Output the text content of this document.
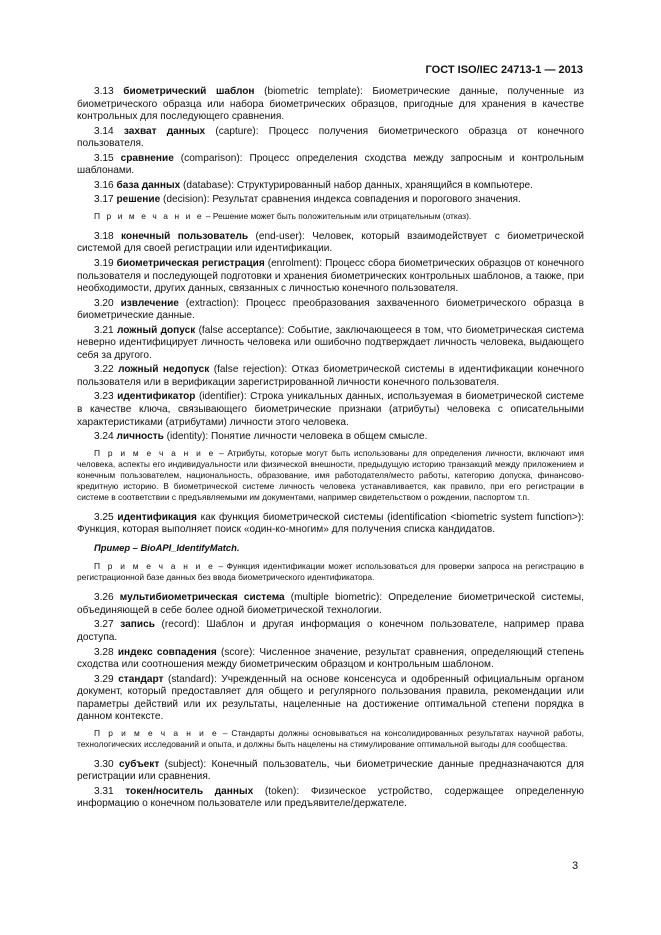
ГОСТ ISO/IEC 24713-1 — 2013

3.13 биометрический шаблон (biometric template): Биометрические данные, полученные из биометрического образца или набора биометрических образцов, пригодные для хранения в качестве контрольных для последующего сравнения.

3.14 захват данных (capture): Процесс получения биометрического образца от конечного пользователя.

3.15 сравнение (comparison): Процесс определения сходства между запросным и контрольным шаблонами.

3.16 база данных (database): Структурированный набор данных, хранящийся в компьютере.

3.17 решение (decision): Результат сравнения индекса совпадения и порогового значения.

П р и м е ч а н и е – Решение может быть положительным или отрицательным (отказ).

3.18 конечный пользователь (end-user): Человек, который взаимодействует с биометрической системой для своей регистрации или идентификации.

3.19 биометрическая регистрация (enrolment): Процесс сбора биометрических образцов от конечного пользователя и последующей подготовки и хранения биометрических контрольных шаблонов, а также, при необходимости, других данных, связанных с личностью конечного пользователя.

3.20 извлечение (extraction): Процесс преобразования захваченного биометрического образца в биометрические данные.

3.21 ложный допуск (false acceptance): Событие, заключающееся в том, что биометрическая система неверно идентифицирует личность человека или ошибочно подтверждает личность человека, выдающего себя за другого.

3.22 ложный недопуск (false rejection): Отказ биометрической системы в идентификации конечного пользователя или в верификации зарегистрированной личности конечного пользователя.

3.23 идентификатор (identifier): Строка уникальных данных, используемая в биометрической системе в качестве ключа, связывающего биометрические признаки (атрибуты) человека с описательными характеристиками (атрибутами) личности этого человека.

3.24 личность (identity): Понятие личности человека в общем смысле.

П р и м е ч а н и е – Атрибуты, которые могут быть использованы для определения личности, включают имя человека, аспекты его индивидуальности или физической внешности, предыдущую историю транзакций между приложением и конечным пользователем, национальность, образование, имя работодателя/место работы, категорию допуска, финансово-кредитную историю. В биометрической системе личность человека устанавливается, как правило, при его регистрации в системе в соответствии с предъявляемыми им документами, например свидетельством о рождении, паспортом т.п.

3.25 идентификация как функция биометрической системы (identification <biometric system function>): Функция, которая выполняет поиск «один-ко-многим» для получения списка кандидатов.

Пример – BioAPI_IdentifyMatch.

П р и м е ч а н и е – Функция идентификации может использоваться для проверки запроса на регистрацию в регистрационной базе данных без ввода биометрического идентификатора.

3.26 мультибиометрическая система (multiple biometric): Определение биометрической системы, объединяющей в себе более одной биометрической технологии.

3.27 запись (record): Шаблон и другая информация о конечном пользователе, например права доступа.

3.28 индекс совпадения (score): Численное значение, результат сравнения, определяющий степень сходства или соотношения между биометрическим образцом и контрольным шаблоном.

3.29 стандарт (standard): Учрежденный на основе консенсуса и одобренный официальным органом документ, который предоставляет для общего и регулярного пользования правила, рекомендации или параметры действий или их результаты, нацеленные на достижение оптимальной степени порядка в данном контексте.

П р и м е ч а н и е – Стандарты должны основываться на консолидированных результатах научной работы, технологических исследований и опыта, и должны быть нацелены на стимулирование оптимальной выгоды для сообщества.

3.30 субъект (subject): Конечный пользователь, чьи биометрические данные предназначаются для регистрации или сравнения.

3.31 токен/носитель данных (token): Физическое устройство, содержащее определенную информацию о конечном пользователе или предъявителе/держателе.

3
